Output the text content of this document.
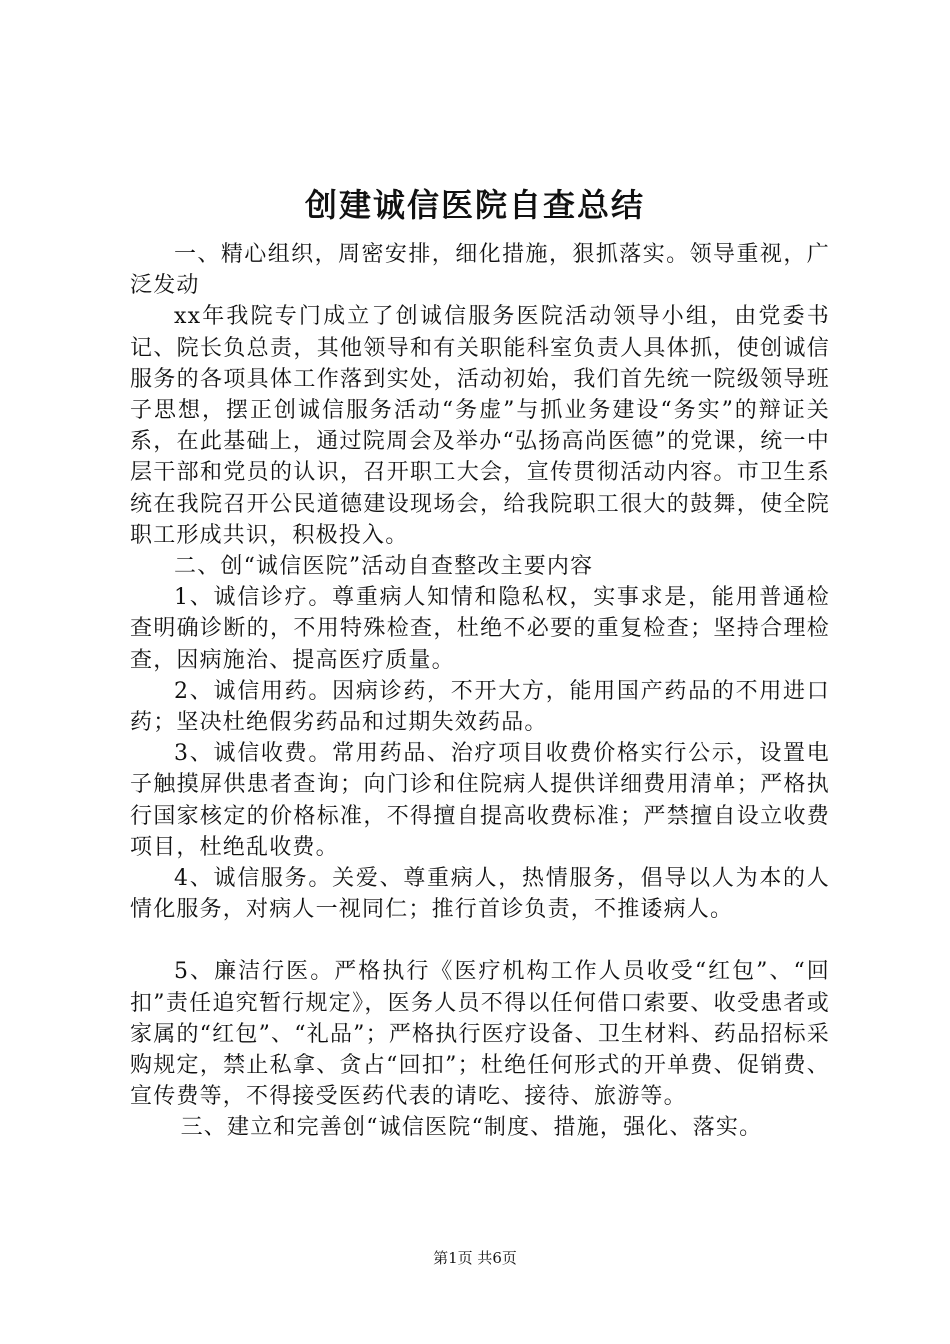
创建诚信医院自查总结

一、精心组织，周密安排，细化措施，狠抓落实。领导重视，广泛发动

xx年我院专门成立了创诚信服务医院活动领导小组，由党委书记、院长负总责，其他领导和有关职能科室负责人具体抓，使创诚信服务的各项具体工作落到实处，活动初始，我们首先统一院级领导班子思想，摆正创诚信服务活动“务虚”与抓业务建设“务实”的辩证关系，在此基础上，通过院周会及举办“弘扬高尚医德”的党课，统一中层干部和党员的认识，召开职工大会，宣传贯彻活动内容。市卫生系统在我院召开公民道德建设现场会，给我院职工很大的鼓舞，使全院职工形成共识，积极投入。

二、创“诚信医院”活动自查整改主要内容

1、诚信诊疗。尊重病人知情和隐私权，实事求是，能用普通检查明确诊断的，不用特殊检查，杜绝不必要的重复检查；坚持合理检查，因病施治、提高医疗质量。

2、诚信用药。因病诊药，不开大方，能用国产药品的不用进口药；坚决杜绝假劣药品和过期失效药品。

3、诚信收费。常用药品、治疗项目收费价格实行公示，设置电子触摸屏供患者查询；向门诊和住院病人提供详细费用清单；严格执行国家核定的价格标准，不得擅自提高收费标准；严禁擅自设立收费项目，杜绝乱收费。

4、诚信服务。关爱、尊重病人，热情服务，倡导以人为本的人情化服务，对病人一视同仁；推行首诊负责，不推诿病人。

5、廉洁行医。严格执行《医疗机构工作人员收受“红包”、“回扣”责任追究暂行规定》，医务人员不得以任何借口索要、收受患者或家属的“红包”、“礼品”；严格执行医疗设备、卫生材料、药品招标采购规定，禁止私拿、贪占“回扣”；杜绝任何形式的开单费、促销费、宣传费等，不得接受医药代表的请吃、接待、旅游等。

三、建立和完善创“诚信医院“制度、措施，强化、落实。

第1页 共6页
